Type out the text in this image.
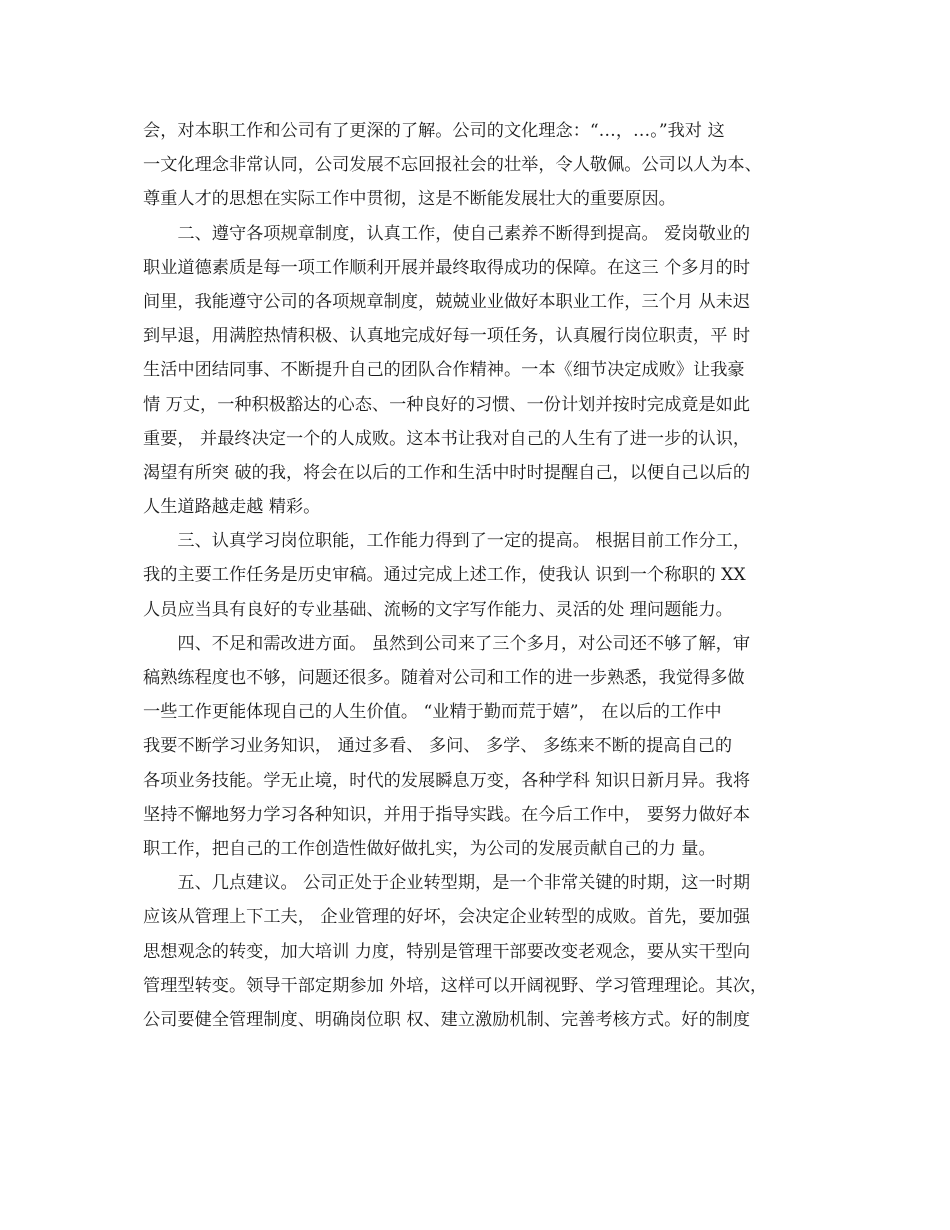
会，对本职工作和公司有了更深的了解。公司的文化理念：“…，…。”我对 这
一文化理念非常认同，公司发展不忘回报社会的壮举，令人敬佩。公司以人为本、
尊重人才的思想在实际工作中贯彻，这是不断能发展壮大的重要原因。
　　二、遵守各项规章制度，认真工作，使自己素养不断得到提高。 爱岗敬业的
职业道德素质是每一项工作顺利开展并最终取得成功的保障。在这三 个多月的时
间里，我能遵守公司的各项规章制度，兢兢业业做好本职业工作，三个月 从未迟
到早退，用满腔热情积极、认真地完成好每一项任务，认真履行岗位职责，平 时
生活中团结同事、不断提升自己的团队合作精神。一本《细节决定成败》让我豪
情 万丈，一种积极豁达的心态、一种良好的习惯、一份计划并按时完成竟是如此
重要， 并最终决定一个的人成败。这本书让我对自己的人生有了进一步的认识，
渴望有所突 破的我，将会在以后的工作和生活中时时提醒自己，以便自己以后的
人生道路越走越 精彩。
　　三、认真学习岗位职能，工作能力得到了一定的提高。 根据目前工作分工，
我的主要工作任务是历史审稿。通过完成上述工作，使我认 识到一个称职的 XX
人员应当具有良好的专业基础、流畅的文字写作能力、灵活的处 理问题能力。
　　四、不足和需改进方面。 虽然到公司来了三个多月，对公司还不够了解，审
稿熟练程度也不够，问题还很多。随着对公司和工作的进一步熟悉，我觉得多做
一些工作更能体现自己的人生价值。 “业精于勤而荒于嬉”， 在以后的工作中
我要不断学习业务知识， 通过多看、 多问、 多学、 多练来不断的提高自己的
各项业务技能。学无止境，时代的发展瞬息万变，各种学科 知识日新月异。我将
坚持不懈地努力学习各种知识，并用于指导实践。在今后工作中， 要努力做好本
职工作，把自己的工作创造性做好做扎实，为公司的发展贡献自己的力 量。
　　五、几点建议。 公司正处于企业转型期，是一个非常关键的时期，这一时期
应该从管理上下工夫， 企业管理的好坏，会决定企业转型的成败。首先，要加强
思想观念的转变，加大培训 力度，特别是管理干部要改变老观念，要从实干型向
管理型转变。领导干部定期参加 外培，这样可以开阔视野、学习管理理论。其次，
公司要健全管理制度、明确岗位职 权、建立激励机制、完善考核方式。好的制度
